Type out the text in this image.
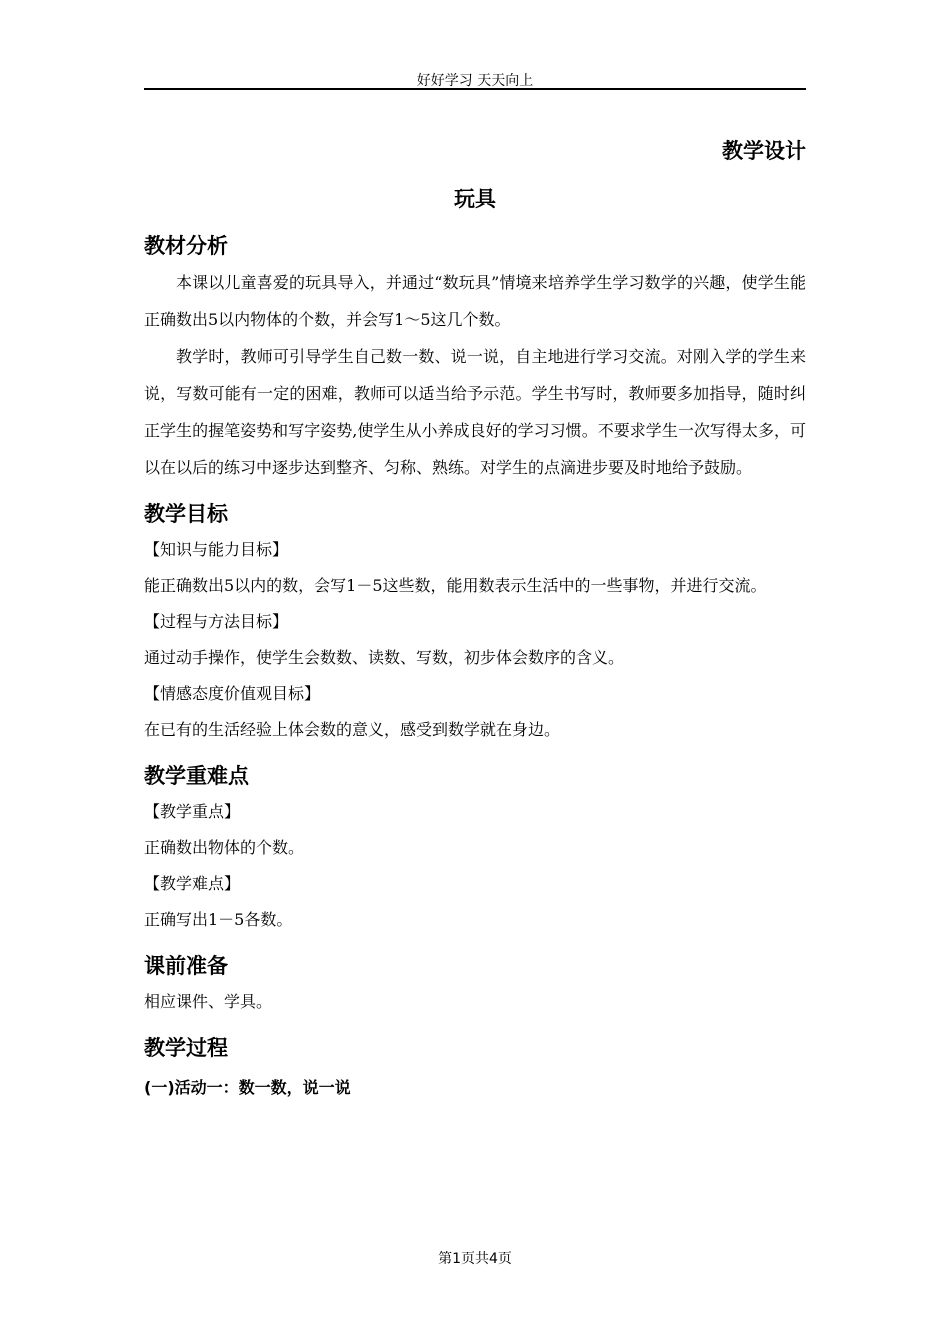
好好学习 天天向上

教学设计

玩具

教材分析

本课以儿童喜爱的玩具导入，并通过“数玩具”情境来培养学生学习数学的兴趣，使学生能正确数出5以内物体的个数，并会写1～5这几个数。

教学时，教师可引导学生自己数一数、说一说，自主地进行学习交流。对刚入学的学生来说，写数可能有一定的困难，教师可以适当给予示范。学生书写时，教师要多加指导，随时纠正学生的握笔姿势和写字姿势,使学生从小养成良好的学习习惯。不要求学生一次写得太多，可以在以后的练习中逐步达到整齐、匀称、熟练。对学生的点滴进步要及时地给予鼓励。

教学目标

【知识与能力目标】

能正确数出5以内的数，会写1－5这些数，能用数表示生活中的一些事物，并进行交流。

【过程与方法目标】

通过动手操作，使学生会数数、读数、写数，初步体会数序的含义。

【情感态度价值观目标】

在已有的生活经验上体会数的意义，感受到数学就在身边。

教学重难点

【教学重点】

正确数出物体的个数。

【教学难点】

正确写出1－5各数。

课前准备

相应课件、学具。

教学过程

(一)活动一：数一数，说一说

第1页共4页
